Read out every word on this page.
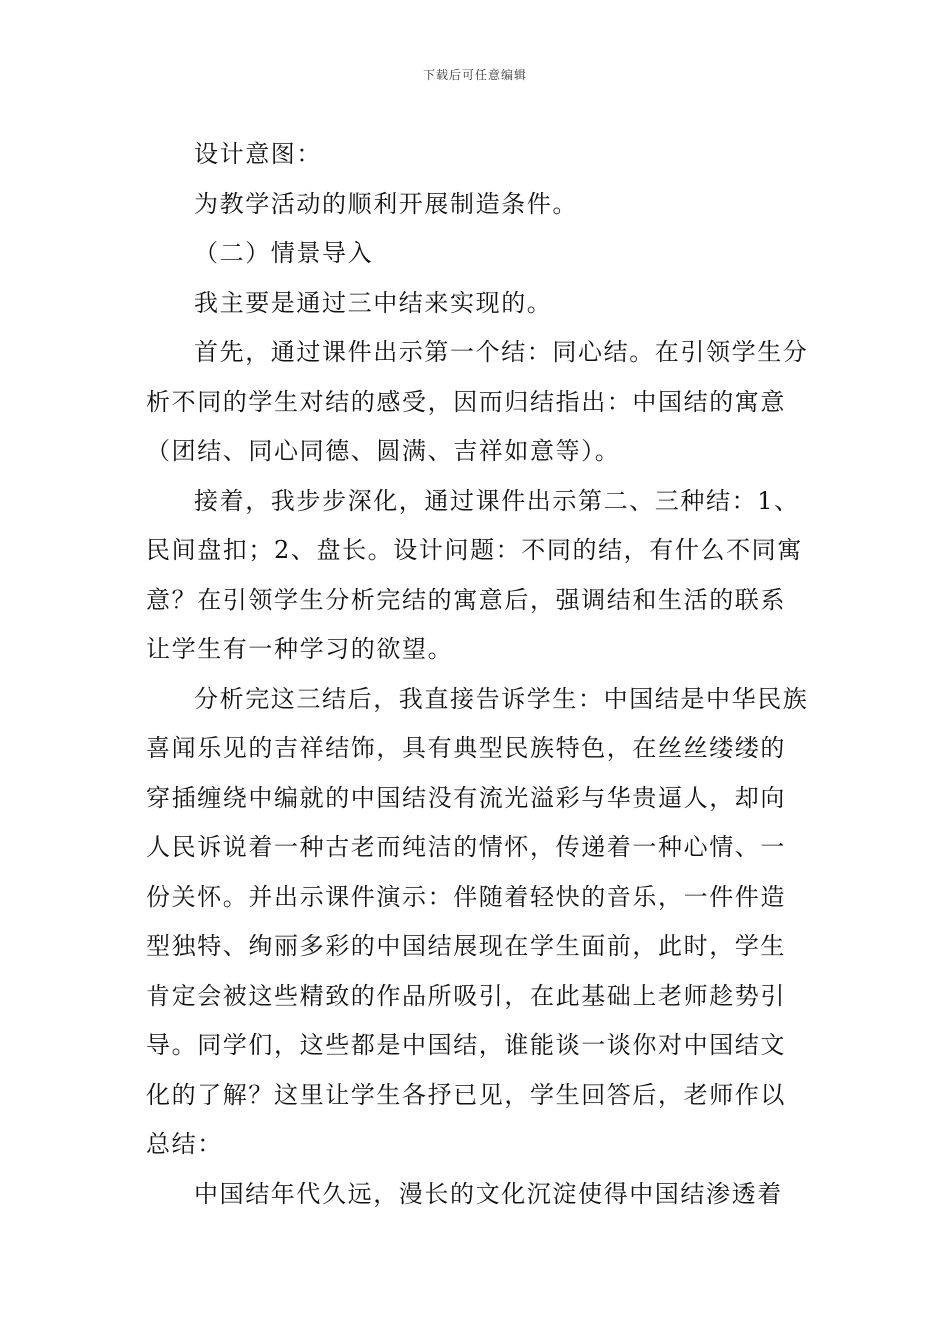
下载后可任意编辑

设计意图：

为教学活动的顺利开展制造条件。

（二）情景导入

我主要是通过三中结来实现的。

首先，通过课件出示第一个结：同心结。在引领学生分析不同的学生对结的感受，因而归结指出：中国结的寓意（团结、同心同德、圆满、吉祥如意等）。

接着，我步步深化，通过课件出示第二、三种结：1、民间盘扣；2、盘长。设计问题：不同的结，有什么不同寓意？在引领学生分析完结的寓意后，强调结和生活的联系让学生有一种学习的欲望。

分析完这三结后，我直接告诉学生：中国结是中华民族喜闻乐见的吉祥结饰，具有典型民族特色，在丝丝缕缕的穿插缠绕中编就的中国结没有流光溢彩与华贵逼人，却向人民诉说着一种古老而纯洁的情怀，传递着一种心情、一份关怀。并出示课件演示：伴随着轻快的音乐，一件件造型独特、绚丽多彩的中国结展现在学生面前，此时，学生肯定会被这些精致的作品所吸引，在此基础上老师趁势引导。同学们，这些都是中国结，谁能谈一谈你对中国结文化的了解？这里让学生各抒已见，学生回答后，老师作以总结：

中国结年代久远，漫长的文化沉淀使得中国结渗透着
